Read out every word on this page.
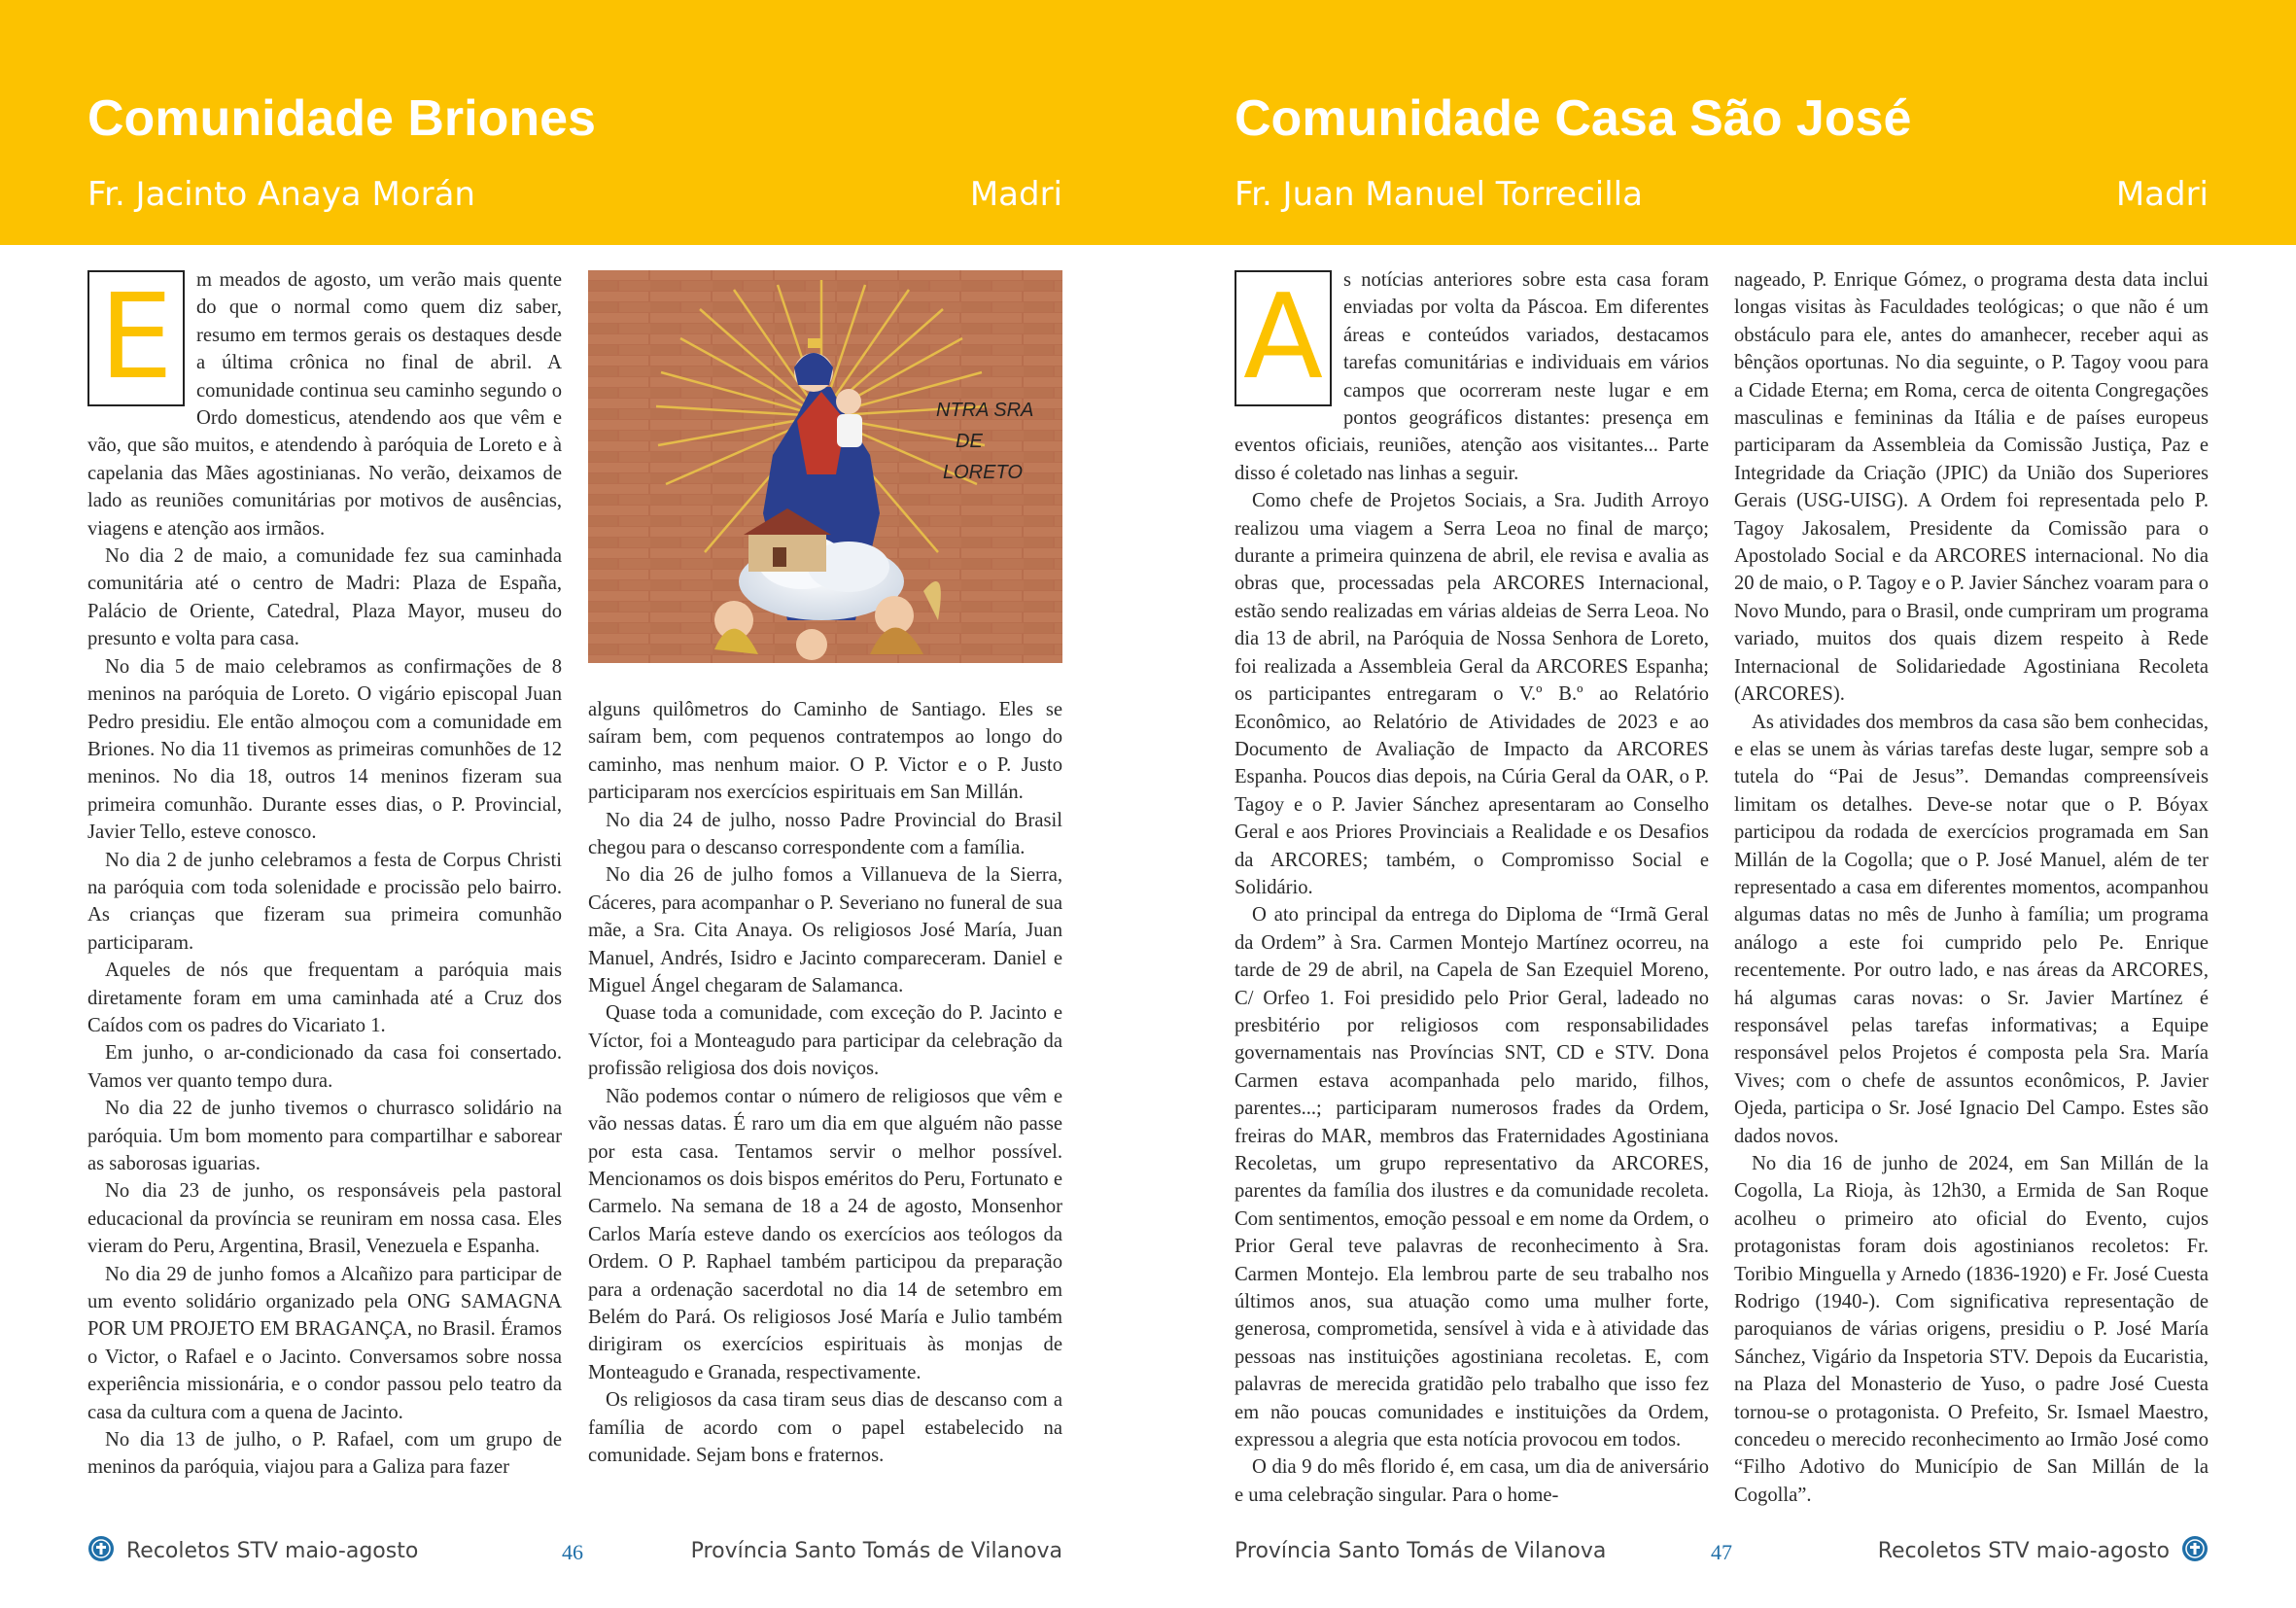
Comunidade Briones
Fr. Jacinto Anaya Morán	Madri
E	m meados de agosto, um verão mais quente do que o normal como quem diz saber, resumo em termos gerais os destaques desde a última crônica no final de abril. A comunidade continua seu caminho segundo o Ordo domesticus, atendendo aos que vêm e vão, que são muitos, e atendendo à paróquia de Loreto e à capelania das Mães agostinianas. No verão, deixamos de lado as reuniões comunitárias por motivos de ausências, viagens e atenção aos irmãos.

No dia 2 de maio, a comunidade fez sua caminhada comunitária até o centro de Madri: Plaza de España, Palácio de Oriente, Catedral, Plaza Mayor, museu do presunto e volta para casa.

No dia 5 de maio celebramos as confirmações de 8 meninos na paróquia de Loreto. O vigário episcopal Juan Pedro presidiu. Ele então almoçou com a comunidade em Briones. No dia 11 tivemos as primeiras comunhões de 12 meninos. No dia 18, outros 14 meninos fizeram sua primeira comunhão. Durante esses dias, o P. Provincial, Javier Tello, esteve conosco.

No dia 2 de junho celebramos a festa de Corpus Christi na paróquia com toda solenidade e procissão pelo bairro. As crianças que fizeram sua primeira comunhão participaram.

Aqueles de nós que frequentam a paróquia mais diretamente foram em uma caminhada até a Cruz dos Caídos com os padres do Vicariato 1.

Em junho, o ar-condicionado da casa foi consertado. Vamos ver quanto tempo dura.

No dia 22 de junho tivemos o churrasco solidário na paróquia. Um bom momento para compartilhar e saborear as saborosas iguarias.

No dia 23 de junho, os responsáveis pela pastoral educacional da província se reuniram em nossa casa. Eles vieram do Peru, Argentina, Brasil, Venezuela e Espanha.

No dia 29 de junho fomos a Alcañizo para participar de um evento solidário organizado pela ONG SAMAGNA POR UM PROJETO EM BRAGANÇA, no Brasil. Éramos o Victor, o Rafael e o Jacinto. Conversamos sobre nossa experiência missionária, e o condor passou pelo teatro da casa da cultura com a quena de Jacinto.

No dia 13 de julho, o P. Rafael, com um grupo de meninos da paróquia, viajou para a Galiza para fazer

NTRA SRA
DE
LORETO

alguns quilômetros do Caminho de Santiago. Eles se saíram bem, com pequenos contratempos ao longo do caminho, mas nenhum maior. O P. Victor e o P. Justo participaram nos exercícios espirituais em San Millán.

No dia 24 de julho, nosso Padre Provincial do Brasil chegou para o descanso correspondente com a família.

No dia 26 de julho fomos a Villanueva de la Sierra, Cáceres, para acompanhar o P. Severiano no funeral de sua mãe, a Sra. Cita Anaya. Os religiosos José María, Juan Manuel, Andrés, Isidro e Jacinto compareceram. Daniel e Miguel Ángel chegaram de Salamanca.

Quase toda a comunidade, com exceção do P. Jacinto e Víctor, foi a Monteagudo para participar da celebração da profissão religiosa dos dois noviços.

Não podemos contar o número de religiosos que vêm e vão nessas datas. É raro um dia em que alguém não passe por esta casa. Tentamos servir o melhor possível. Mencionamos os dois bispos eméritos do Peru, Fortunato e Carmelo. Na semana de 18 a 24 de agosto, Monsenhor Carlos María esteve dando os exercícios aos teólogos da Ordem. O P. Raphael também participou da preparação para a ordenação sacerdotal no dia 14 de setembro em Belém do Pará. Os religiosos José María e Julio também dirigiram os exercícios espirituais às monjas de Monteagudo e Granada, respectivamente.

Os religiosos da casa tiram seus dias de descanso com a família de acordo com o papel estabelecido na comunidade. Sejam bons e fraternos.

Recoletos STV maio-agosto	46	Província Santo Tomás de Vilanova
Comunidade Casa São José
Fr. Juan Manuel Torrecilla	Madri
A	s notícias anteriores sobre esta casa foram enviadas por volta da Páscoa. Em diferentes áreas e conteúdos variados, destacamos tarefas comunitárias e individuais em vários campos que ocorreram neste lugar e em pontos geográficos distantes: presença em eventos oficiais, reuniões, atenção aos visitantes... Parte disso é coletado nas linhas a seguir.

Como chefe de Projetos Sociais, a Sra. Judith Arroyo realizou uma viagem a Serra Leoa no final de março; durante a primeira quinzena de abril, ele revisa e avalia as obras que, processadas pela ARCORES Internacional, estão sendo realizadas em várias aldeias de Serra Leoa. No dia 13 de abril, na Paróquia de Nossa Senhora de Loreto, foi realizada a Assembleia Geral da ARCORES Espanha; os participantes entregaram o V.º B.º ao Relatório Econômico, ao Relatório de Atividades de 2023 e ao Documento de Avaliação de Impacto da ARCORES Espanha. Poucos dias depois, na Cúria Geral da OAR, o P. Tagoy e o P. Javier Sánchez apresentaram ao Conselho Geral e aos Priores Provinciais a Realidade e os Desafios da ARCORES; também, o Compromisso Social e Solidário.

O ato principal da entrega do Diploma de “Irmã Geral da Ordem” à Sra. Carmen Montejo Martínez ocorreu, na tarde de 29 de abril, na Capela de San Ezequiel Moreno, C/ Orfeo 1. Foi presidido pelo Prior Geral, ladeado no presbitério por religiosos com responsabilidades governamentais nas Províncias SNT, CD e STV. Dona Carmen estava acompanhada pelo marido, filhos, parentes...; participaram numerosos frades da Ordem, freiras do MAR, membros das Fraternidades Agostiniana Recoletas, um grupo representativo da ARCORES, parentes da família dos ilustres e da comunidade recoleta. Com sentimentos, emoção pessoal e em nome da Ordem, o Prior Geral teve palavras de reconhecimento à Sra. Carmen Montejo. Ela lembrou parte de seu trabalho nos últimos anos, sua atuação como uma mulher forte, generosa, comprometida, sensível à vida e à atividade das pessoas nas instituições agostiniana recoletas. E, com palavras de merecida gratidão pelo trabalho que isso fez em não poucas comunidades e instituições da Ordem, expressou a alegria que esta notícia provocou em todos.

O dia 9 do mês florido é, em casa, um dia de aniversário e uma celebração singular. Para o home-

nageado, P. Enrique Gómez, o programa desta data inclui longas visitas às Faculdades teológicas; o que não é um obstáculo para ele, antes do amanhecer, receber aqui as bênçãos oportunas. No dia seguinte, o P. Tagoy voou para a Cidade Eterna; em Roma, cerca de oitenta Congregações masculinas e femininas da Itália e de países europeus participaram da Assembleia da Comissão Justiça, Paz e Integridade da Criação (JPIC) da União dos Superiores Gerais (USG-UISG). A Ordem foi representada pelo P. Tagoy Jakosalem, Presidente da Comissão para o Apostolado Social e da ARCORES internacional. No dia 20 de maio, o P. Tagoy e o P. Javier Sánchez voaram para o Novo Mundo, para o Brasil, onde cumpriram um programa variado, muitos dos quais dizem respeito à Rede Internacional de Solidariedade Agostiniana Recoleta (ARCORES).

As atividades dos membros da casa são bem conhecidas, e elas se unem às várias tarefas deste lugar, sempre sob a tutela do “Pai de Jesus”. Demandas compreensíveis limitam os detalhes. Deve-se notar que o P. Bóyax participou da rodada de exercícios programada em San Millán de la Cogolla; que o P. José Manuel, além de ter representado a casa em diferentes momentos, acompanhou algumas datas no mês de Junho à família; um programa análogo a este foi cumprido pelo Pe. Enrique recentemente. Por outro lado, e nas áreas da ARCORES, há algumas caras novas: o Sr. Javier Martínez é responsável pelas tarefas informativas; a Equipe responsável pelos Projetos é composta pela Sra. María Vives; com o chefe de assuntos econômicos, P. Javier Ojeda, participa o Sr. José Ignacio Del Campo. Estes são dados novos.

No dia 16 de junho de 2024, em San Millán de la Cogolla, La Rioja, às 12h30, a Ermida de San Roque acolheu o primeiro ato oficial do Evento, cujos protagonistas foram dois agostinianos recoletos: Fr. Toribio Minguella y Arnedo (1836-1920) e Fr. José Cuesta Rodrigo (1940-). Com significativa representação de paroquianos de várias origens, presidiu o P. José María Sánchez, Vigário da Inspetoria STV. Depois da Eucaristia, na Plaza del Monasterio de Yuso, o padre José Cuesta tornou-se o protagonista. O Prefeito, Sr. Ismael Maestro, concedeu o merecido reconhecimento ao Irmão José como “Filho Adotivo do Município de San Millán de la Cogolla”.

Província Santo Tomás de Vilanova	47	Recoletos STV maio-agosto
